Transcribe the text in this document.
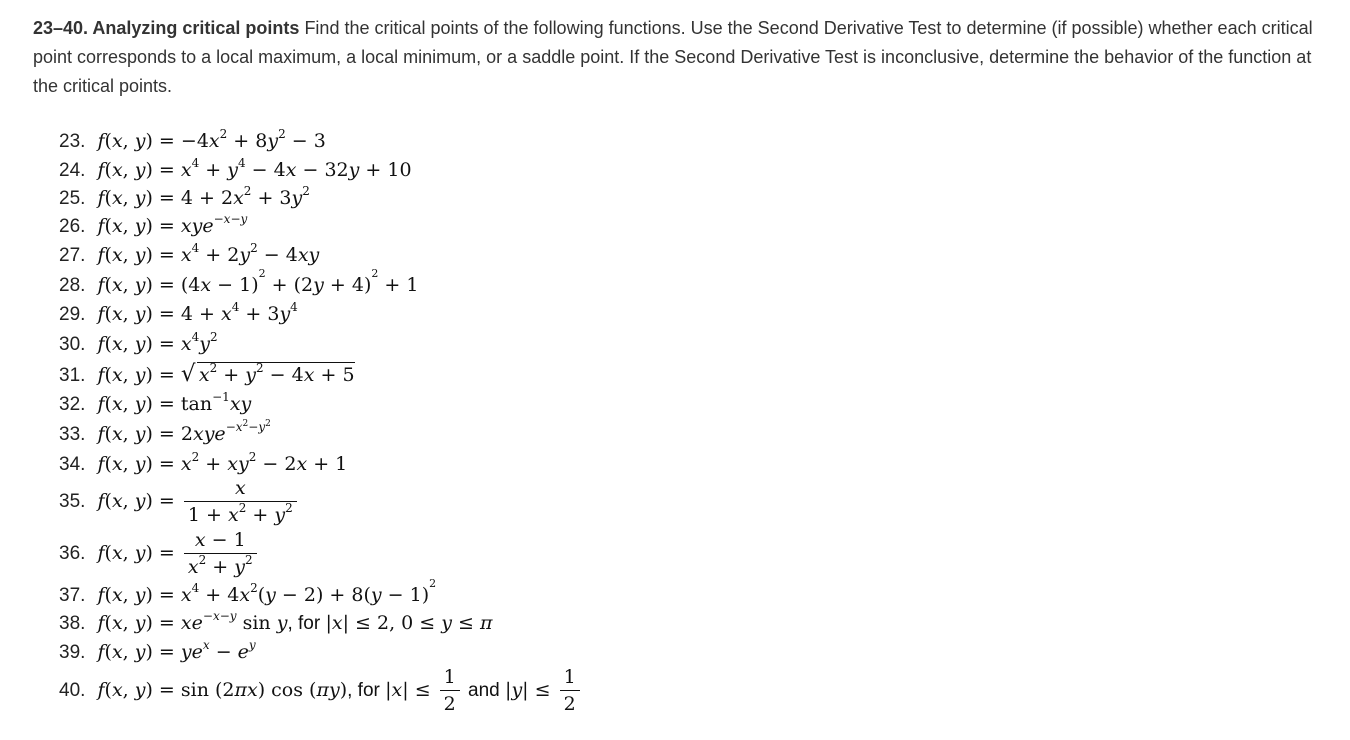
23–40. Analyzing critical points Find the critical points of the following functions. Use the Second Derivative Test to determine (if possible) whether each critical point corresponds to a local maximum, a local minimum, or a saddle point. If the Second Derivative Test is inconclusive, determine the behavior of the function at the critical points.
23. f(x, $y) = -4x^2 + 8y^2 - 3$
24. f(x, $y) = x^4 + y^4 - 4x - 32y + 10$
25. f(x, $y) = 4 + 2x^2 + 3y^2$
26. f(x, y) = xye$^{-x-y}$
27. f(x, $y) = x^4 + 2y^2 - 4xy$
28. f(x, $y) = (4x - 1)^2 + (2y + 4)^2 + 1$
29. f(x, $y) = 4 + x^4 + 3y^4$
30. f(x, $y) = x^4y^2$
31. f(x, y) = √ $x^2 + y^2 - 4x + 5$
32. f(x, $y) = \tan^{-1}xy$
33. f(x, y) = 2xye$^{-x^2-y^2}$
34. f(x, $y) = x^2 + xy^2 - 2x + 1$
35. f(x, $y) = \frac{x}{1 + x^2 + y^2}$
36. f(x, $y) = \frac{x - 1}{x^2 + y^2}$
37. f(x, $y) = x^4 + 4x^2(y - 2) + 8(y - 1)^2$
38. f(x, $y) = xe^{-x-y}$ sin y, for |x| ≤ 2, 0 ≤ y ≤ π
39. f(x, $y) = ye^x - e^y$
40. f(x, y) = sin (2πx) cos (πy), for $|x| \le \frac{1}{2}$ and $|y| \le \frac{1}{2}$
